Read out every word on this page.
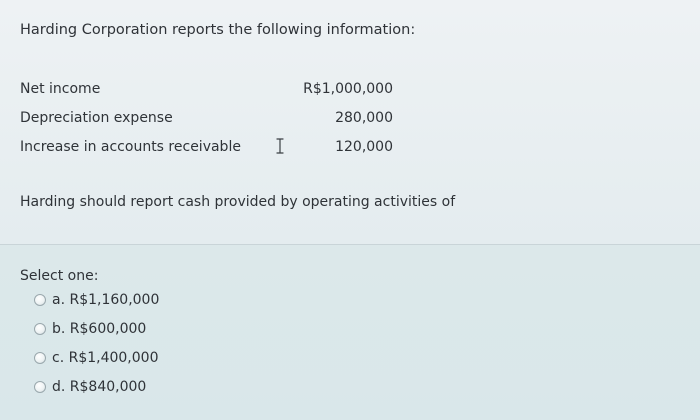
Harding Corporation reports the following information:
Net income	R$1,000,000
Depreciation expense	280,000
Increase in accounts receivable	120,000
Harding should report cash provided by operating activities of
Select one:
a. R$1,160,000
b. R$600,000
c. R$1,400,000
d. R$840,000
